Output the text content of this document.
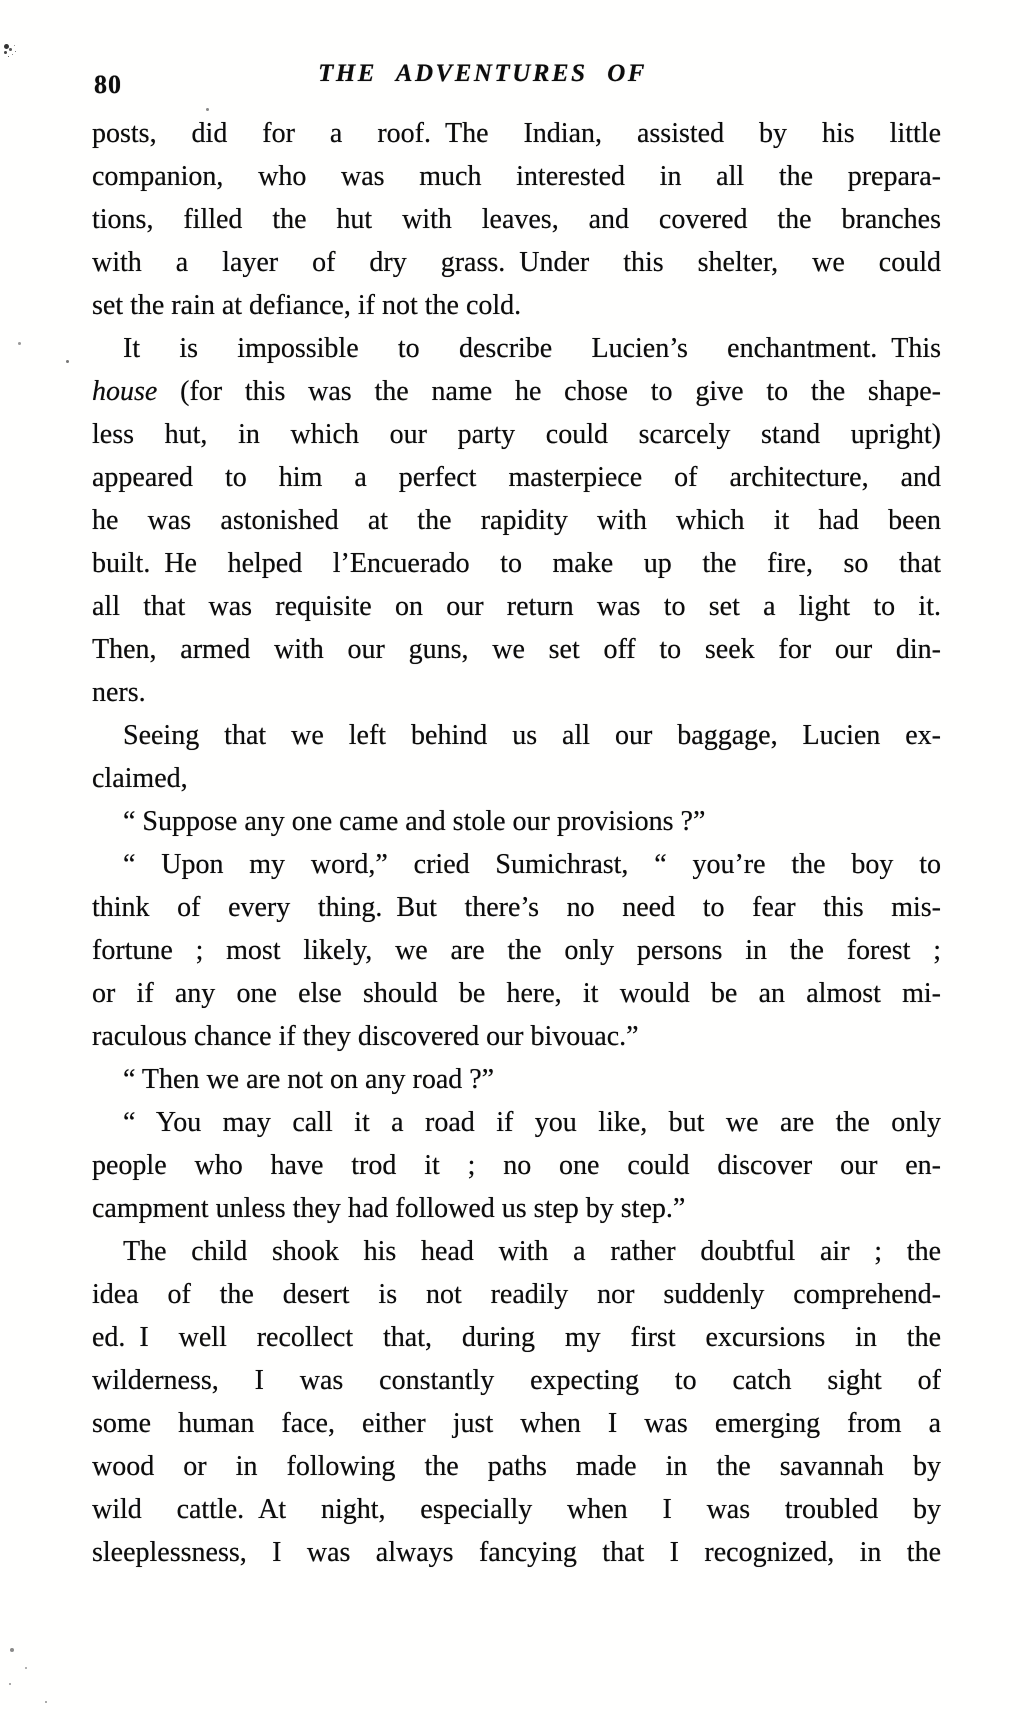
80	THE ADVENTURES OF
posts, did for a roof. The Indian, assisted by his little
companion, who was much interested in all the prepara-
tions, filled the hut with leaves, and covered the branches
with a layer of dry grass. Under this shelter, we could
set the rain at defiance, if not the cold.
It is impossible to describe Lucien’s enchantment. This
house (for this was the name he chose to give to the shape-
less hut, in which our party could scarcely stand upright)
appeared to him a perfect masterpiece of architecture, and
he was astonished at the rapidity with which it had been
built. He helped l’Encuerado to make up the fire, so that
all that was requisite on our return was to set a light to it.
Then, armed with our guns, we set off to seek for our din-
ners.
Seeing that we left behind us all our baggage, Lucien ex-
claimed,
“ Suppose any one came and stole our provisions ?”
“ Upon my word,” cried Sumichrast, “ you’re the boy to
think of every thing. But there’s no need to fear this mis-
fortune ; most likely, we are the only persons in the forest ;
or if any one else should be here, it would be an almost mi-
raculous chance if they discovered our bivouac.”
“ Then we are not on any road ?”
“ You may call it a road if you like, but we are the only
people who have trod it ; no one could discover our en-
campment unless they had followed us step by step.”
The child shook his head with a rather doubtful air ; the
idea of the desert is not readily nor suddenly comprehend-
ed. I well recollect that, during my first excursions in the
wilderness, I was constantly expecting to catch sight of
some human face, either just when I was emerging from a
wood or in following the paths made in the savannah by
wild cattle. At night, especially when I was troubled by
sleeplessness, I was always fancying that I recognized, in the
